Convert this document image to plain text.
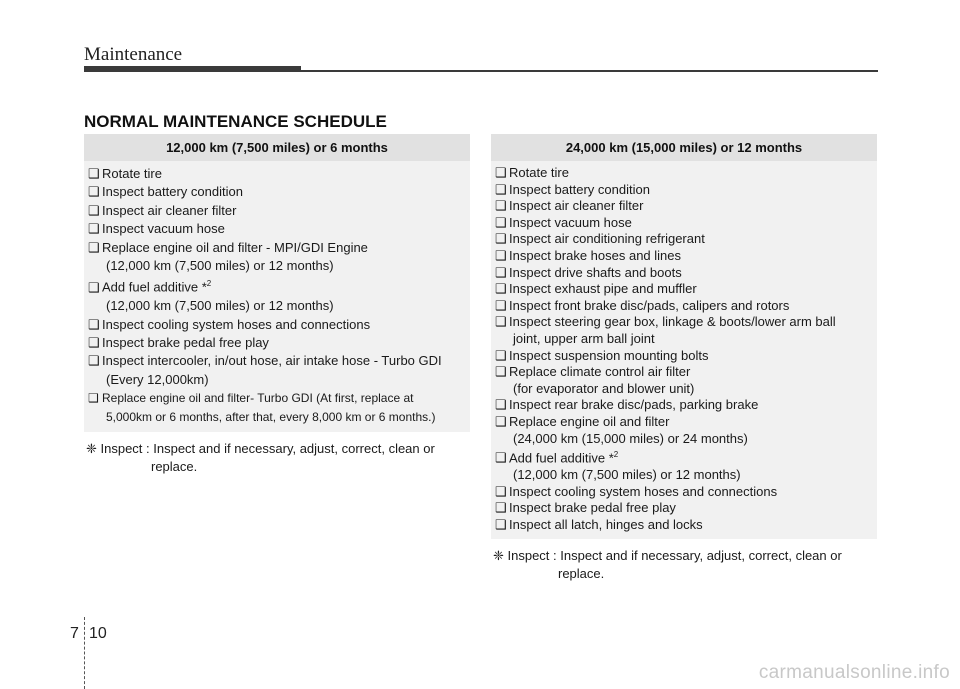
Maintenance
NORMAL MAINTENANCE SCHEDULE
12,000 km (7,500 miles) or 6 months
❑ Rotate tire
❑ Inspect battery condition
❑ Inspect air cleaner filter
❑ Inspect vacuum hose
❑ Replace engine oil and filter - MPI/GDI Engine
(12,000 km (7,500 miles) or 12 months)
❑ Add fuel additive *$^2$
(12,000 km (7,500 miles) or 12 months)
❑ Inspect cooling system hoses and connections
❑ Inspect brake pedal free play
❑ Inspect intercooler, in/out hose, air intake hose - Turbo GDI
(Every 12,000km)
❑ Replace engine oil and filter- Turbo GDI (At first, replace at
5,000km or 6 months, after that, every 8,000 km or 6 months.)
❈ Inspect : Inspect and if necessary, adjust, correct, clean or
replace.
24,000 km (15,000 miles) or 12 months
❑ Rotate tire
❑ Inspect battery condition
❑ Inspect air cleaner filter
❑ Inspect vacuum hose
❑ Inspect air conditioning refrigerant
❑ Inspect brake hoses and lines
❑ Inspect drive shafts and boots
❑ Inspect exhaust pipe and muffler
❑ Inspect front brake disc/pads, calipers and rotors
❑ Inspect steering gear box, linkage & boots/lower arm ball
joint, upper arm ball joint
❑ Inspect suspension mounting bolts
❑ Replace climate control air filter
(for evaporator and blower unit)
❑ Inspect rear brake disc/pads, parking brake
❑ Replace engine oil and filter
(24,000 km (15,000 miles) or 24 months)
❑ Add fuel additive *$^2$
(12,000 km (7,500 miles) or 12 months)
❑ Inspect cooling system hoses and connections
❑ Inspect brake pedal free play
❑ Inspect all latch, hinges and locks
❈ Inspect : Inspect and if necessary, adjust, correct, clean or
replace.
7 10
carmanualsonline.info
